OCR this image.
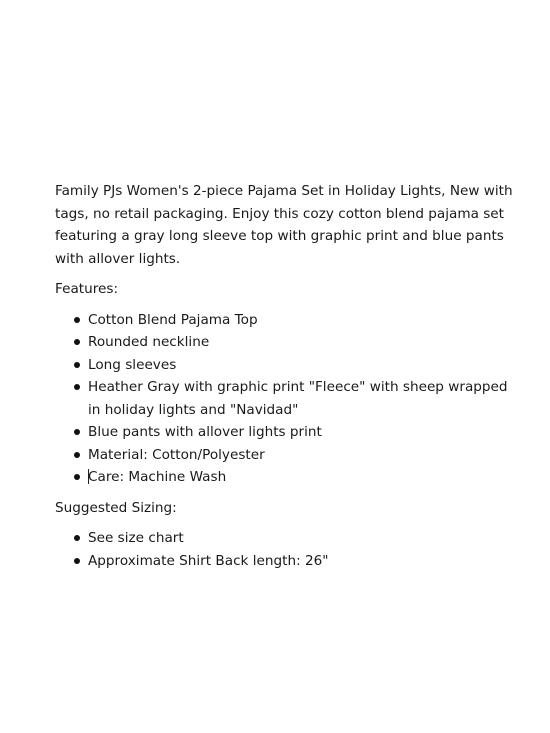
Family PJs Women's 2-piece Pajama Set in Holiday Lights, New with tags, no retail packaging. Enjoy this cozy cotton blend pajama set featuring a gray long sleeve top with graphic print and blue pants with allover lights.

Features:

Cotton Blend Pajama Top
Rounded neckline
Long sleeves
Heather Gray with graphic print "Fleece" with sheep wrapped in holiday lights and "Navidad"
Blue pants with allover lights print
Material: Cotton/Polyester
Care: Machine Wash

Suggested Sizing:

See size chart
Approximate Shirt Back length: 26"
